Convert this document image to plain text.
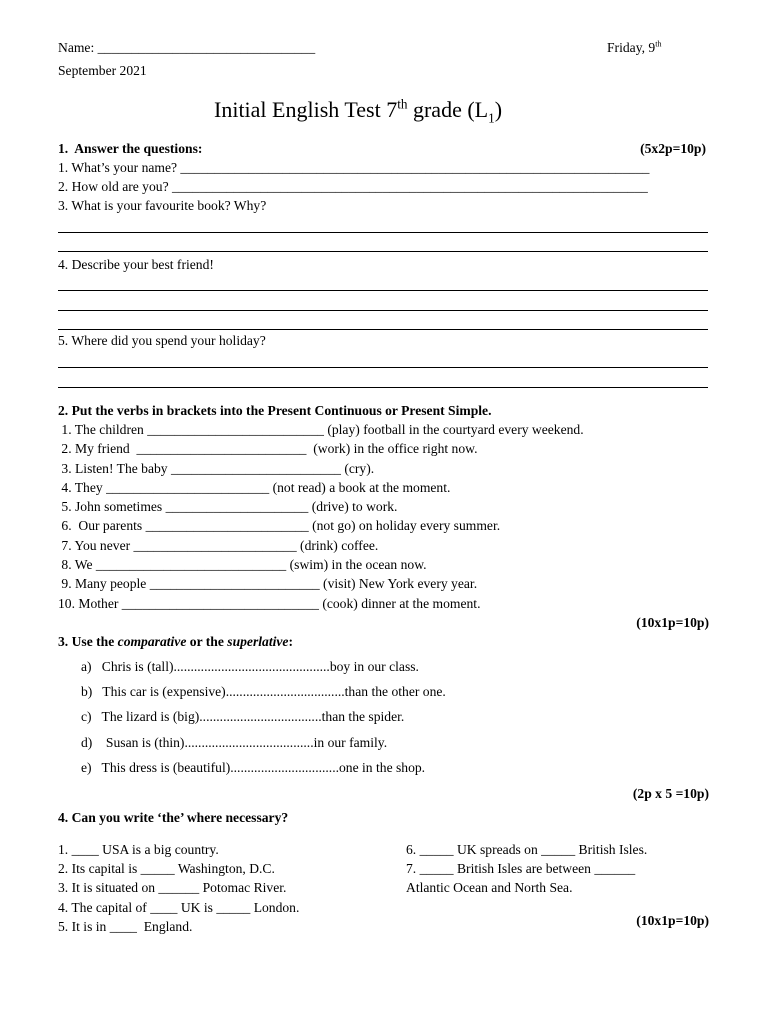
Name: ________________________________	Friday, 9th
September 2021
Initial English Test 7th grade $(L_1)$
1.  Answer the questions:	(5x2p=10p)
1. What’s your name? _____________________________________________________________________
2. How old are you? ______________________________________________________________________
3. What is your favourite book? Why?
4. Describe your best friend!
5. Where did you spend your holiday?
2. Put the verbs in brackets into the Present Continuous or Present Simple.
1. The children __________________________ (play) football in the courtyard every weekend.
2. My friend  _________________________  (work) in the office right now.
3. Listen! The baby _________________________ (cry).
4. They ________________________ (not read) a book at the moment.
5. John sometimes _____________________ (drive) to work.
6.  Our parents ________________________ (not go) on holiday every summer.
7. You never ________________________ (drink) coffee.
8. We ____________________________ (swim) in the ocean now.
9. Many people _________________________ (visit) New York every year.
10. Mother _____________________________ (cook) dinner at the moment.
(10x1p=10p)
3. Use the comparative or the superlative:
a)   Chris is (tall)..............................................boy in our class.
b)   This car is (expensive)...................................than the other one.
c)   The lizard is (big)....................................than the spider.
d)    Susan is (thin)......................................in our family.
e)   This dress is (beautiful)................................one in the shop.
(2p x 5 =10p)
4. Can you write ‘the’ where necessary?
1. ____ USA is a big country.
2. Its capital is _____ Washington, D.C.
3. It is situated on ______ Potomac River.
4. The capital of ____ UK is _____ London.
5. It is in ____  England.
6. _____ UK spreads on _____ British Isles.
7. _____ British Isles are between ______
Atlantic Ocean and North Sea.
(10x1p=10p)
